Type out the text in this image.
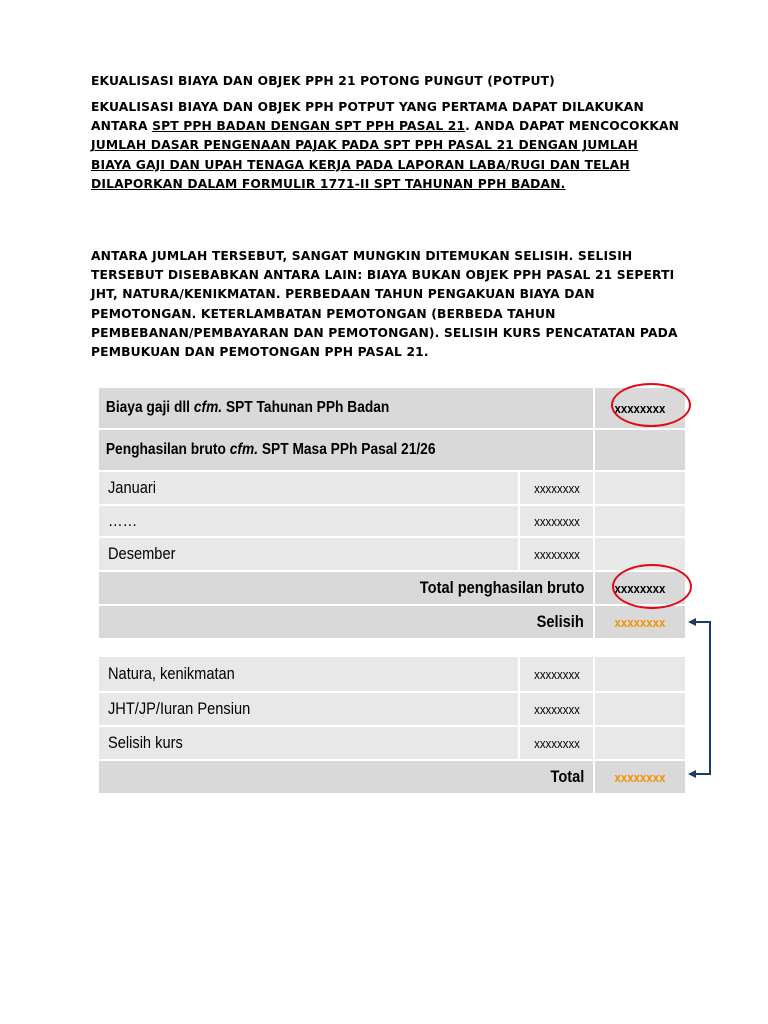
EKUALISASI BIAYA DAN OBJEK PPH 21 POTONG PUNGUT (POTPUT)
EKUALISASI BIAYA DAN OBJEK PPH POTPUT YANG PERTAMA DAPAT DILAKUKAN ANTARA SPT PPH BADAN DENGAN SPT PPH PASAL 21. ANDA DAPAT MENCOCOKKAN JUMLAH DASAR PENGENAAN PAJAK PADA SPT PPH PASAL 21 DENGAN JUMLAH BIAYA GAJI DAN UPAH TENAGA KERJA PADA LAPORAN LABA/RUGI DAN TELAH DILAPORKAN DALAM FORMULIR 1771-II SPT TAHUNAN PPH BADAN.
ANTARA JUMLAH TERSEBUT, SANGAT MUNGKIN DITEMUKAN SELISIH. SELISIH TERSEBUT DISEBABKAN ANTARA LAIN: BIAYA BUKAN OBJEK PPH PASAL 21 SEPERTI JHT, NATURA/KENIKMATAN. PERBEDAAN TAHUN PENGAKUAN BIAYA DAN PEMOTONGAN. KETERLAMBATAN PEMOTONGAN (BERBEDA TAHUN PEMBEBANAN/PEMBAYARAN DAN PEMOTONGAN). SELISIH KURS PENCATATAN PADA PEMBUKUAN DAN PEMOTONGAN PPH PASAL 21.
Biaya gaji dll cfm. SPT Tahunan PPh Badan		xxxxxxxx

Penghasilan bruto cfm. SPT Masa PPh Pasal 21/26		

Januari	xxxxxxxx	
……	xxxxxxxx	
Desember	xxxxxxxx	
Total penghasilan bruto		xxxxxxxx
Selisih		xxxxxxxx
Natura, kenikmatan	xxxxxxxx	
JHT/JP/Iuran Pensiun	xxxxxxxx	
Selisih kurs	xxxxxxxx	
Total		xxxxxxxx
